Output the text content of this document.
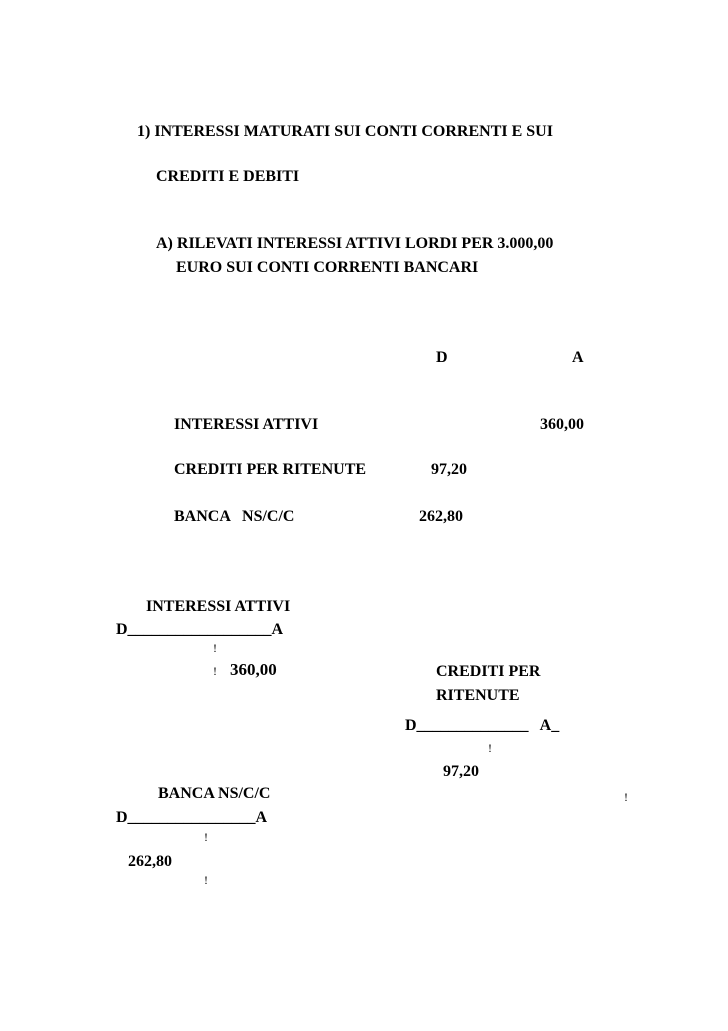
1) INTERESSI MATURATI SUI CONTI CORRENTI E SUI
CREDITI E DEBITI
A) RILEVATI INTERESSI ATTIVI LORDI PER 3.000,00
EURO SUI CONTI CORRENTI BANCARI
D	A
INTERESSI ATTIVI	360,00
CREDITI PER RITENUTE	97,20
BANCA   NS/C/C	262,80
INTERESSI ATTIVI
D__________________A
!
! 360,00	CREDITI PER
RITENUTE
D______________   A_
!
97,20
!
BANCA NS/C/C
D________________A
!
262,80
!
